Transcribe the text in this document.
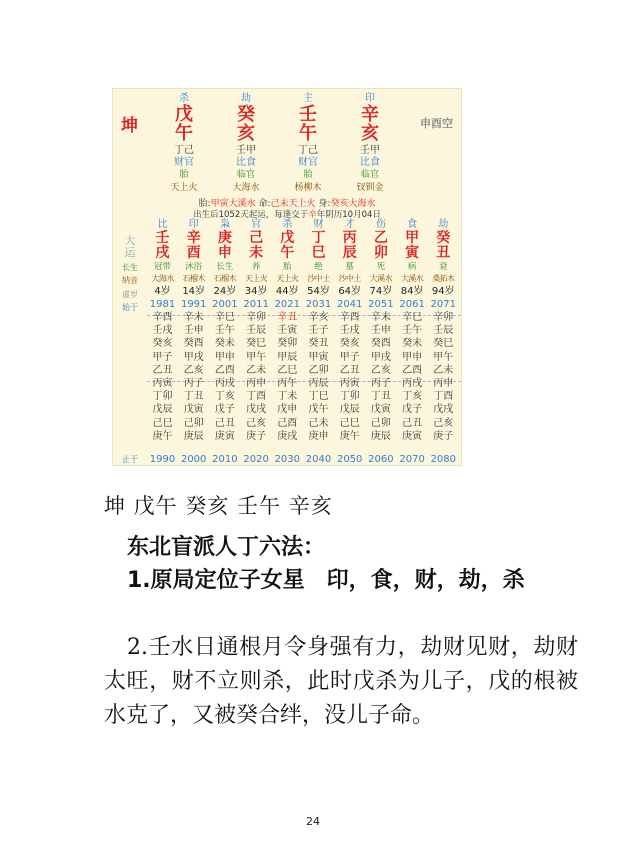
坤	申酉空
杀
戊
午
丁己
财官
胎
天上火
劫
癸
亥
壬甲
比食
临官
大海水
主
壬
午
丁己
财官
胎
杨柳木
印
辛
亥
壬甲
比食
临官
钗钏金
胎:甲寅大溪水 命:己未天上火 身:癸亥大海水
出生后1052天起运，每逢交于辛年阴历10月04日
大运
长生
纳音
虚岁
始于
止于
比
壬
戌
冠带
大海水
4岁
1981
辛酉
壬戌
癸亥
甲子
乙丑
丙寅
丁卯
戊辰
己巳
庚午
1990
印
辛
酉
沐浴
石榴木
14岁
1991
辛未
壬申
癸酉
甲戌
乙亥
丙子
丁丑
戊寅
己卯
庚辰
2000
枭
庚
申
长生
石榴木
24岁
2001
辛巳
壬午
癸未
甲申
乙酉
丙戌
丁亥
戊子
己丑
庚寅
2010
官
己
未
养
天上火
34岁
2011
辛卯
壬辰
癸巳
甲午
乙未
丙申
丁酉
戊戌
己亥
庚子
2020
杀
戊
午
胎
天上火
44岁
2021
辛丑
壬寅
癸卯
甲辰
乙巳
丙午
丁未
戊申
己酉
庚戌
2030
财
丁
巳
绝
沙中土
54岁
2031
辛亥
壬子
癸丑
甲寅
乙卯
丙辰
丁巳
戊午
己未
庚申
2040
才
丙
辰
墓
沙中土
64岁
2041
辛酉
壬戌
癸亥
甲子
乙丑
丙寅
丁卯
戊辰
己巳
庚午
2050
伤
乙
卯
死
大溪水
74岁
2051
辛未
壬申
癸酉
甲戌
乙亥
丙子
丁丑
戊寅
己卯
庚辰
2060
食
甲
寅
病
大溪水
84岁
2061
辛巳
壬午
癸未
甲申
乙酉
丙戌
丁亥
戊子
己丑
庚寅
2070
劫
癸
丑
衰
桑拓木
94岁
2071
辛卯
壬辰
癸巳
甲午
乙未
丙申
丁酉
戊戌
己亥
庚子
2080
坤 戊午 癸亥 壬午 辛亥
东北盲派人丁六法：
1.原局定位子女星　印，食，财，劫，杀
2.壬水日通根月令身强有力，劫财见财，劫财太旺，财不立则杀，此时戊杀为儿子，戊的根被水克了，又被癸合绊，没儿子命。
24
